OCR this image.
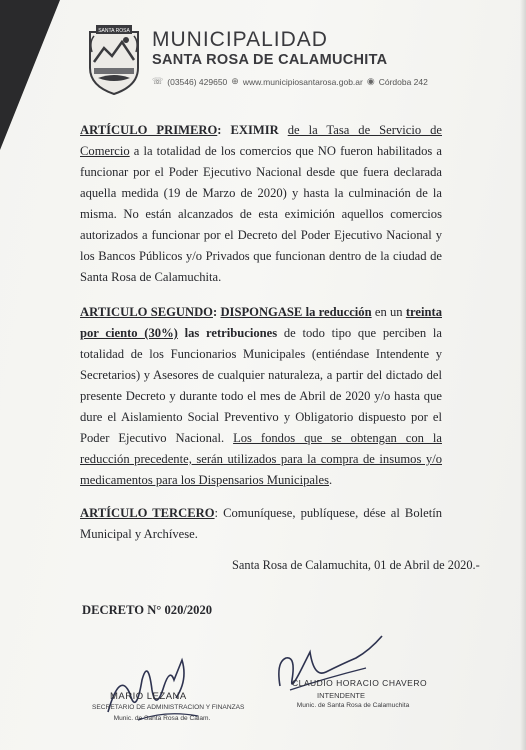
SANTA ROSA MUNICIPALIDAD
SANTA ROSA DE CALAMUCHITA
☏ (03546) 429650 ⊕ www.municipiosantarosa.gob.ar ◉ Córdoba 242
ARTÍCULO PRIMERO: EXIMIR de la Tasa de Servicio de Comercio a la totalidad de los comercios que NO fueron habilitados a funcionar por el Poder Ejecutivo Nacional desde que fuera declarada aquella medida (19 de Marzo de 2020) y hasta la culminación de la misma. No están alcanzados de esta eximición aquellos comercios autorizados a funcionar por el Decreto del Poder Ejecutivo Nacional y los Bancos Públicos y/o Privados que funcionan dentro de la ciudad de Santa Rosa de Calamuchita.
ARTICULO SEGUNDO: DISPONGASE la reducción en un treinta por ciento (30%) las retribuciones de todo tipo que perciben la totalidad de los Funcionarios Municipales (entiéndase Intendente y Secretarios) y Asesores de cualquier naturaleza, a partir del dictado del presente Decreto y durante todo el mes de Abril de 2020 y/o hasta que dure el Aislamiento Social Preventivo y Obligatorio dispuesto por el Poder Ejecutivo Nacional. Los fondos que se obtengan con la reducción precedente, serán utilizados para la compra de insumos y/o medicamentos para los Dispensarios Municipales.
ARTÍCULO TERCERO: Comuníquese, publíquese, dése al Boletín Municipal y Archívese.
Santa Rosa de Calamuchita, 01 de Abril de 2020.-
DECRETO N° 020/2020
MARIO LEZANA
SECRETARIO DE ADMINISTRACION Y FINANZAS
Munic. de Santa Rosa de Calam.
CLAUDIO HORACIO CHAVERO
INTENDENTE
Munic. de Santa Rosa de Calamuchita
